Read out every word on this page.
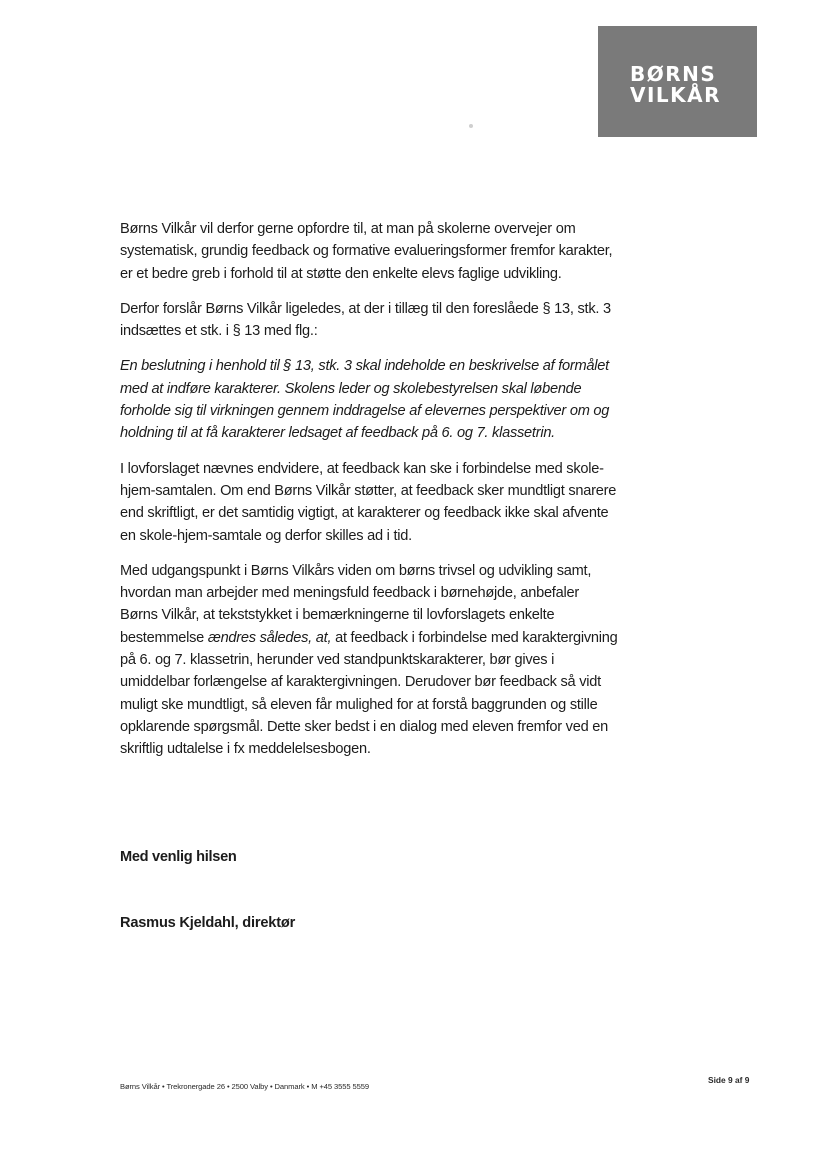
BØRNS
VILKÅR

Børns Vilkår vil derfor gerne opfordre til, at man på skolerne overvejer om systematisk, grundig feedback og formative evalueringsformer fremfor karakter, er et bedre greb i forhold til at støtte den enkelte elevs faglige udvikling.

Derfor forslår Børns Vilkår ligeledes, at der i tillæg til den foreslåede § 13, stk. 3 indsættes et stk. i § 13 med flg.:

En beslutning i henhold til § 13, stk. 3 skal indeholde en beskrivelse af formålet med at indføre karakterer. Skolens leder og skolebestyrelsen skal løbende forholde sig til virkningen gennem inddragelse af elevernes perspektiver om og holdning til at få karakterer ledsaget af feedback på 6. og 7. klassetrin.

I lovforslaget nævnes endvidere, at feedback kan ske i forbindelse med skole-hjem-samtalen. Om end Børns Vilkår støtter, at feedback sker mundtligt snarere end skriftligt, er det samtidig vigtigt, at karakterer og feedback ikke skal afvente en skole-hjem-samtale og derfor skilles ad i tid.

Med udgangspunkt i Børns Vilkårs viden om børns trivsel og udvikling samt, hvordan man arbejder med meningsfuld feedback i børnehøjde, anbefaler Børns Vilkår, at tekststykket i bemærkningerne til lovforslagets enkelte bestemmelse ændres således, at, at feedback i forbindelse med karaktergivning på 6. og 7. klassetrin, herunder ved standpunktskarakterer, bør gives i umiddelbar forlængelse af karaktergivningen. Derudover bør feedback så vidt muligt ske mundtligt, så eleven får mulighed for at forstå baggrunden og stille opklarende spørgsmål. Dette sker bedst i en dialog med eleven fremfor ved en skriftlig udtalelse i fx meddelelsesbogen.

Med venlig hilsen
Rasmus Kjeldahl, direktør
Børns Vilkår • Trekronergade 26 • 2500 Valby • Danmark • M +45 3555 5559
Side 9 af 9
